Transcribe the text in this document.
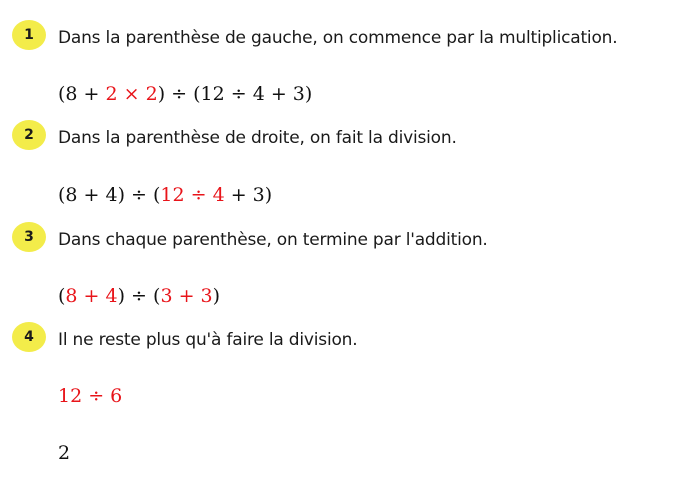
1	Dans la parenthèse de gauche, on commence par la multiplication.
(8 + 2 × 2) ÷ (12 ÷ 4 + 3)
2	Dans la parenthèse de droite, on fait la division.
(8 + 4) ÷ (12 ÷ 4 + 3)
3	Dans chaque parenthèse, on termine par l'addition.
(8 + 4) ÷ (3 + 3)
4	Il ne reste plus qu'à faire la division.
12 ÷ 6
2
